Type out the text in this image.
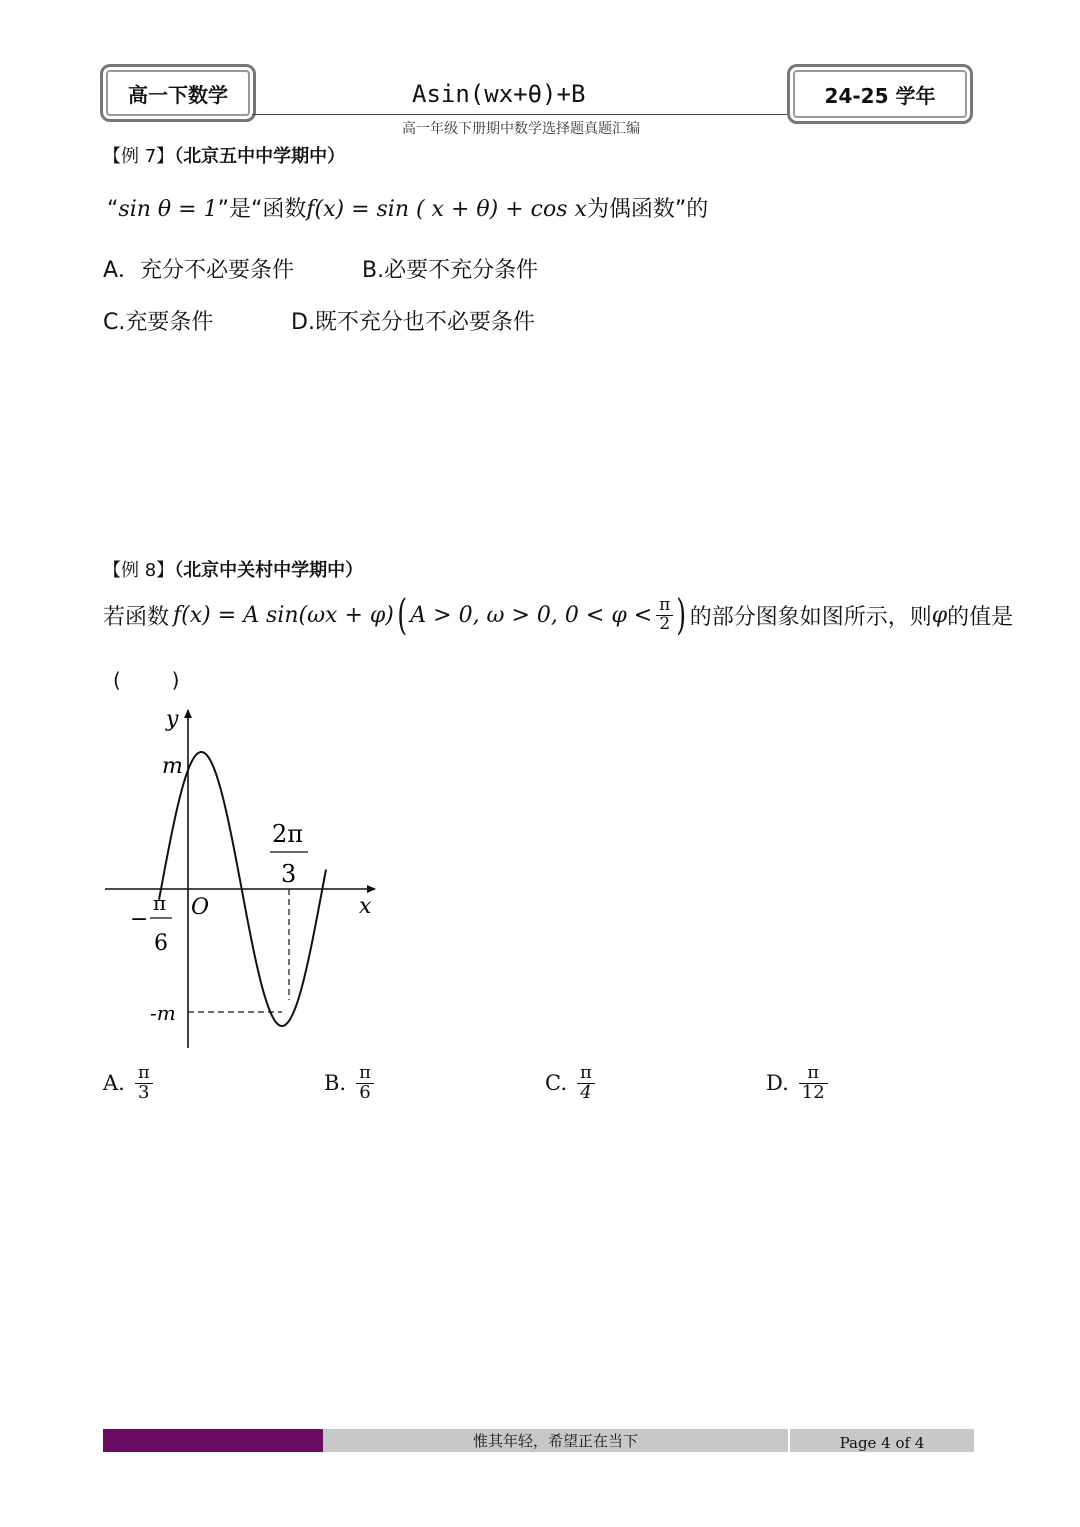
高一下数学	Asin(wx+θ)+B
高一年级下册期中数学选择题真题汇编
24-25 学年
【例 7】（北京五中中学期中）
“sin θ = 1”是“函数f(x) = sin ( x + θ) + cos x为偶函数”的
A．充分不必要条件	B.必要不充分条件
C.充要条件	D.既不充分也不必要条件
【例 8】（北京中关村中学期中）
若函数 f(x) = A sin(ωx + φ) ( A > 0, ω > 0, $0 < \varphi < \frac{\pi}{2}$ ) 的部分图象如图所示，则 φ 的值是
(        )
y
x
O
m
-m
−
π
6
2π
3
A. $\frac{\pi}{3}$	B. $\frac{\pi}{6}$	C. $\frac{\pi}{4}$	D. $\frac{\pi}{12}$
惟其年轻，希望正在当下	Page 4 of 4
